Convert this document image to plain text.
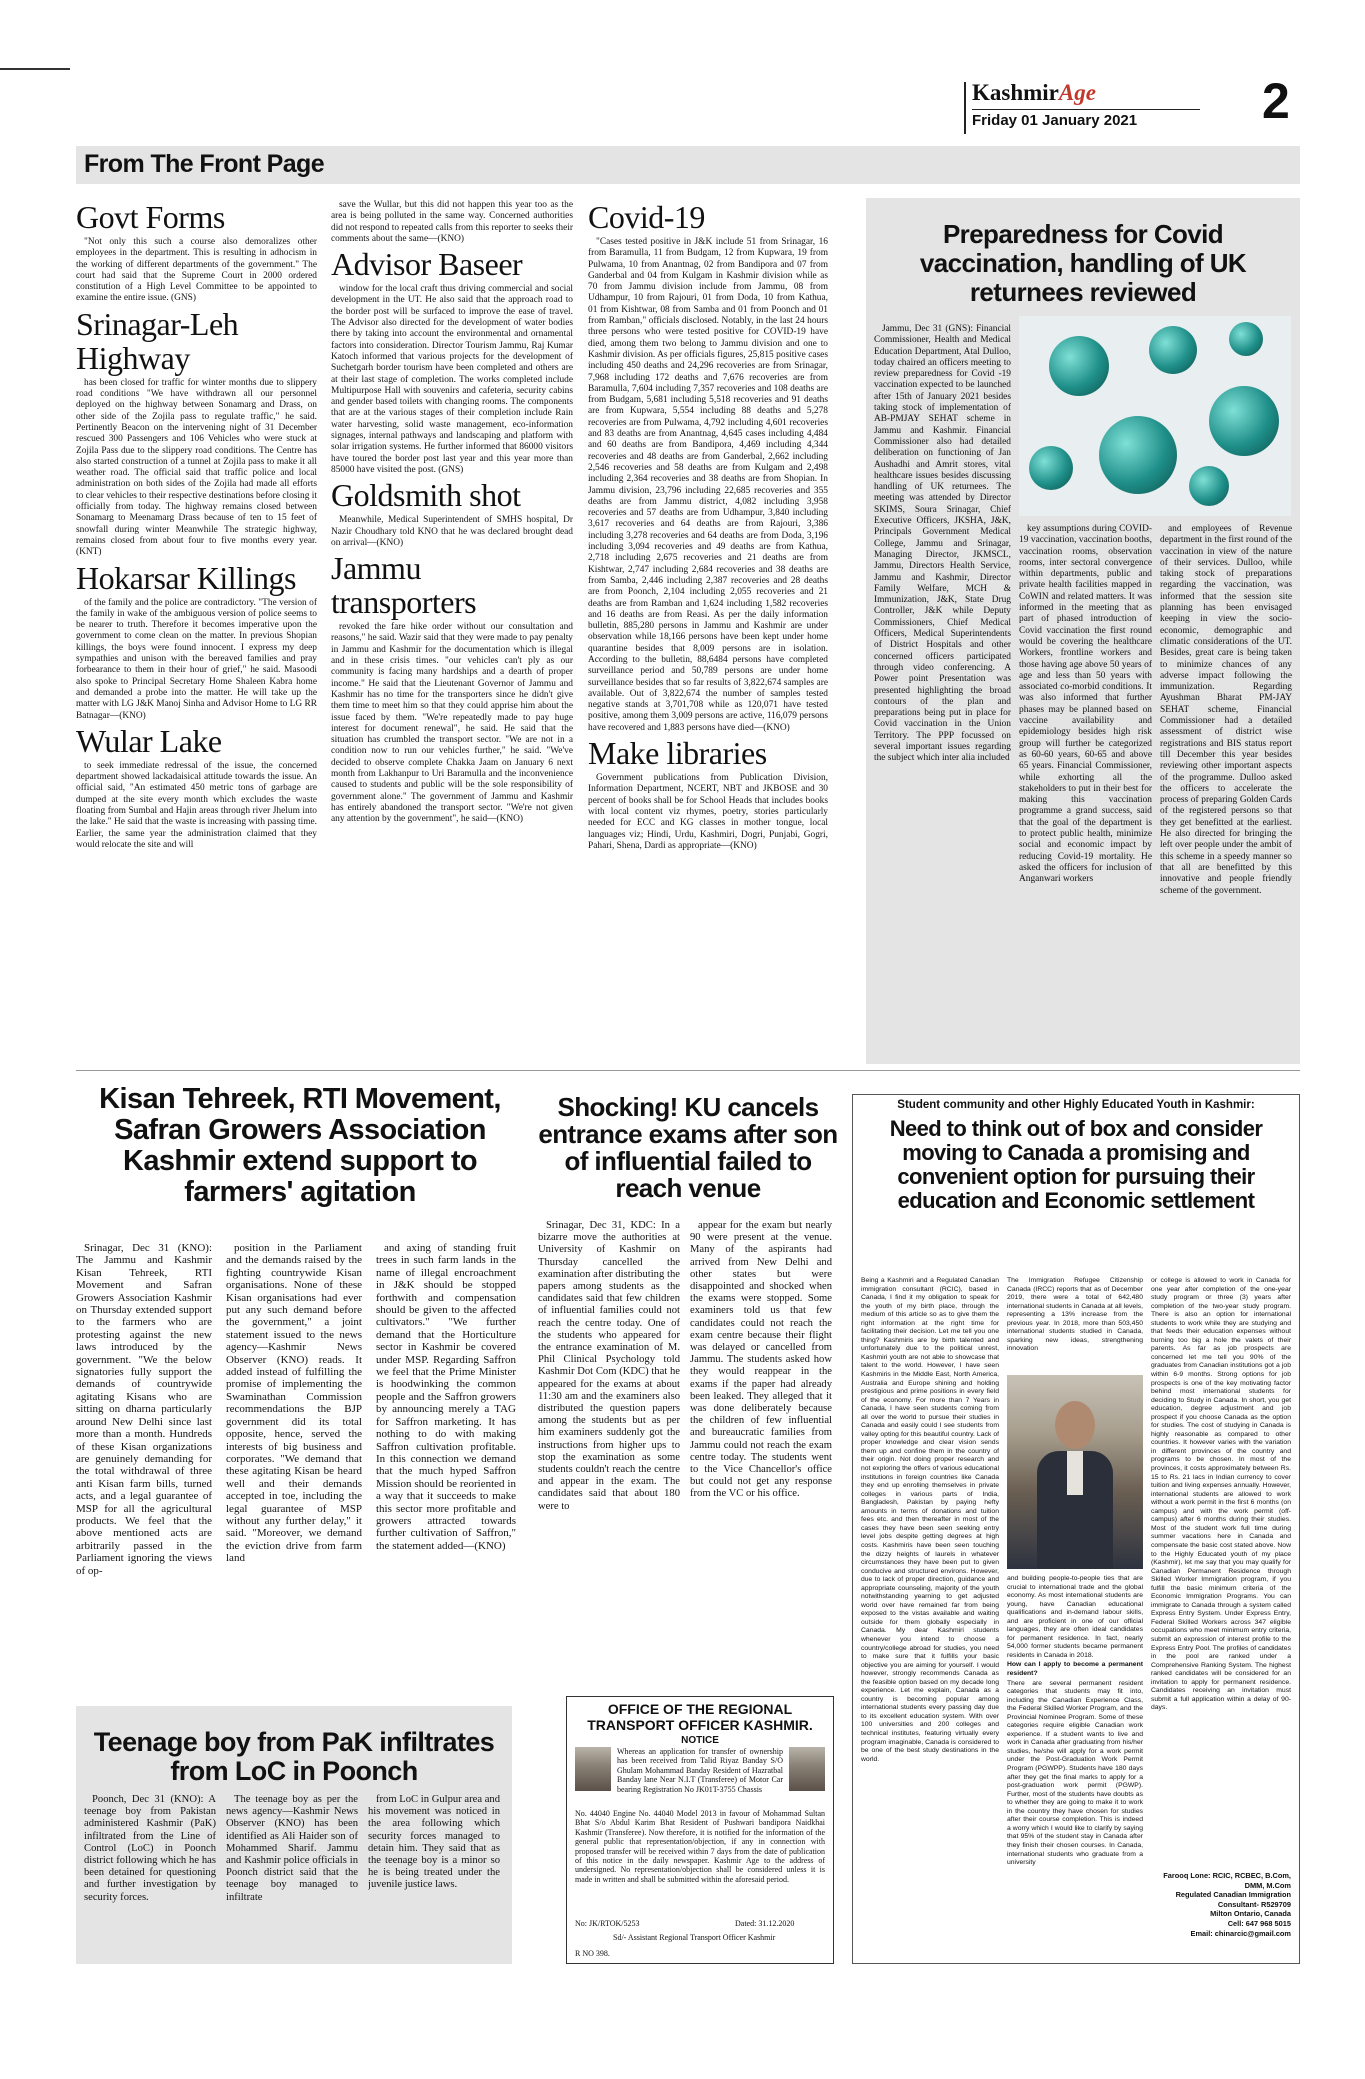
KashmirAge
Friday 01 January 2021 2
From The Front Page
Govt Forms

"Not only this such a course also demoralizes other employees in the department. This is resulting in adhocism in the working of different departments of the government." The court had said that the Supreme Court in 2000 ordered constitution of a High Level Committee to be appointed to examine the entire issue. (GNS)

Srinagar-Leh Highway

has been closed for traffic for winter months due to slippery road conditions "We have withdrawn all our personnel deployed on the highway between Sonamarg and Drass, on other side of the Zojila pass to regulate traffic," he said. Pertinently Beacon on the intervening night of 31 December rescued 300 Passengers and 106 Vehicles who were stuck at Zojila Pass due to the slippery road conditions. The Centre has also started construction of a tunnel at Zojila pass to make it all weather road. The official said that traffic police and local administration on both sides of the Zojila had made all efforts to clear vehicles to their respective destinations before closing it officially from today. The highway remains closed between Sonamarg to Meenamarg Drass because of ten to 15 feet of snowfall during winter Meanwhile The strategic highway, remains closed from about four to five months every year. (KNT)

Hokarsar Killings

of the family and the police are contradictory. "The version of the family in wake of the ambiguous version of police seems to be nearer to truth. Therefore it becomes imperative upon the government to come clean on the matter. In previous Shopian killings, the boys were found innocent. I express my deep sympathies and unison with the bereaved families and pray forbearance to them in their hour of grief," he said. Masoodi also spoke to Principal Secretary Home Shaleen Kabra home and demanded a probe into the matter. He will take up the matter with LG J&K Manoj Sinha and Advisor Home to LG RR Batnagar—(KNO)

Wular Lake

to seek immediate redressal of the issue, the concerned department showed lackadaisical attitude towards the issue. An official said, "An estimated 450 metric tons of garbage are dumped at the site every month which excludes the waste floating from Sumbal and Hajin areas through river Jhelum into the lake." He said that the waste is increasing with passing time. Earlier, the same year the administration claimed that they would relocate the site and will

save the Wullar, but this did not happen this year too as the area is being polluted in the same way. Concerned authorities did not respond to repeated calls from this reporter to seeks their comments about the same—(KNO)

Advisor Baseer

window for the local craft thus driving commercial and social development in the UT. He also said that the approach road to the border post will be surfaced to improve the ease of travel. The Advisor also directed for the development of water bodies there by taking into account the environmental and ornamental factors into consideration. Director Tourism Jammu, Raj Kumar Katoch informed that various projects for the development of Suchetgarh border tourism have been completed and others are at their last stage of completion. The works completed include Multipurpose Hall with souvenirs and cafeteria, security cabins and gender based toilets with changing rooms. The components that are at the various stages of their completion include Rain water harvesting, solid waste management, eco-information signages, internal pathways and landscaping and platform with solar irrigation systems. He further informed that 86000 visitors have toured the border post last year and this year more than 85000 have visited the post. (GNS)

Goldsmith shot

Meanwhile, Medical Superintendent of SMHS hospital, Dr Nazir Choudhary told KNO that he was declared brought dead on arrival—(KNO)

Jammu transporters

revoked the fare hike order without our consultation and reasons," he said. Wazir said that they were made to pay penalty in Jammu and Kashmir for the documentation which is illegal and in these crisis times. "our vehicles can't ply as our community is facing many hardships and a dearth of proper income." He said that the Lieutenant Governor of Jammu and Kashmir has no time for the transporters since he didn't give them time to meet him so that they could apprise him about the issue faced by them. "We're repeatedly made to pay huge interest for document renewal", he said. He said that the situation has crumbled the transport sector. "We are not in a condition now to run our vehicles further," he said. "We've decided to observe complete Chakka Jaam on January 6 next month from Lakhanpur to Uri Baramulla and the inconvenience caused to students and public will be the sole responsibility of government alone." The government of Jammu and Kashmir has entirely abandoned the transport sector. "We're not given any attention by the government", he said—(KNO)

Covid-19

"Cases tested positive in J&K include 51 from Srinagar, 16 from Baramulla, 11 from Budgam, 12 from Kupwara, 19 from Pulwama, 10 from Anantnag, 02 from Bandipora and 07 from Ganderbal and 04 from Kulgam in Kashmir division while as 70 from Jammu division include from Jammu, 08 from Udhampur, 10 from Rajouri, 01 from Doda, 10 from Kathua, 01 from Kishtwar, 08 from Samba and 01 from Poonch and 01 from Ramban," officials disclosed. Notably, in the last 24 hours three persons who were tested positive for COVID-19 have died, among them two belong to Jammu division and one to Kashmir division. As per officials figures, 25,815 positive cases including 450 deaths and 24,296 recoveries are from Srinagar, 7,968 including 172 deaths and 7,676 recoveries are from Baramulla, 7,604 including 7,357 recoveries and 108 deaths are from Budgam, 5,681 including 5,518 recoveries and 91 deaths are from Kupwara, 5,554 including 88 deaths and 5,278 recoveries are from Pulwama, 4,792 including 4,601 recoveries and 83 deaths are from Anantnag, 4,645 cases including 4,484 and 60 deaths are from Bandipora, 4,469 including 4,344 recoveries and 48 deaths are from Ganderbal, 2,662 including 2,546 recoveries and 58 deaths are from Kulgam and 2,498 including 2,364 recoveries and 38 deaths are from Shopian. In Jammu division, 23,796 including 22,685 recoveries and 355 deaths are from Jammu district, 4,082 including 3,958 recoveries and 57 deaths are from Udhampur, 3,840 including 3,617 recoveries and 64 deaths are from Rajouri, 3,386 including 3,278 recoveries and 64 deaths are from Doda, 3,196 including 3,094 recoveries and 49 deaths are from Kathua, 2,718 including 2,675 recoveries and 21 deaths are from Kishtwar, 2,747 including 2,684 recoveries and 38 deaths are from Samba, 2,446 including 2,387 recoveries and 28 deaths are from Poonch, 2,104 including 2,055 recoveries and 21 deaths are from Ramban and 1,624 including 1,582 recoveries and 16 deaths are from Reasi. As per the daily information bulletin, 885,280 persons in Jammu and Kashmir are under observation while 18,166 persons have been kept under home quarantine besides that 8,009 persons are in isolation. According to the bulletin, 88,6484 persons have completed surveillance period and 50,789 persons are under home surveillance besides that so far results of 3,822,674 samples are available. Out of 3,822,674 the number of samples tested negative stands at 3,701,708 while as 120,071 have tested positive, among them 3,009 persons are active, 116,079 persons have recovered and 1,883 persons have died—(KNO)

Make libraries

Government publications from Publication Division, Information Department, NCERT, NBT and JKBOSE and 30 percent of books shall be for School Heads that includes books with local content viz rhymes, poetry, stories particularly needed for ECC and KG classes in mother tongue, local languages viz; Hindi, Urdu, Kashmiri, Dogri, Punjabi, Gogri, Pahari, Shena, Dardi as appropriate—(KNO)

Preparedness for Covid vaccination, handling of UK returnees reviewed

Jammu, Dec 31 (GNS): Financial Commissioner, Health and Medical Education Department, Atal Dulloo, today chaired an officers meeting to review preparedness for Covid -19 vaccination expected to be launched after 15th of January 2021 besides taking stock of implementation of AB-PMJAY SEHAT scheme in Jammu and Kashmir. Financial Commissioner also had detailed deliberation on functioning of Jan Aushadhi and Amrit stores, vital healthcare issues besides discussing handling of UK returnees. The meeting was attended by Director SKIMS, Soura Srinagar, Chief Executive Officers, JKSHA, J&K, Principals Government Medical College, Jammu and Srinagar, Managing Director, JKMSCL, Jammu, Directors Health Service, Jammu and Kashmir, Director Family Welfare, MCH & Immunization, J&K, State Drug Controller, J&K while Deputy Commissioners, Chief Medical Officers, Medical Superintendents of District Hospitals and other concerned officers participated through video conferencing. A Power point Presentation was presented highlighting the broad contours of the plan and preparations being put in place for Covid vaccination in the Union Territory. The PPP focussed on several important issues regarding the subject which inter alia included

key assumptions during COVID-19 vaccination, vaccination booths, vaccination rooms, observation rooms, inter sectoral convergence within departments, public and private health facilities mapped in CoWIN and related matters. It was informed in the meeting that as part of phased introduction of Covid vaccination the first round would be covering the healthcare Workers, frontline workers and those having age above 50 years of age and less than 50 years with associated co-morbid conditions. It was also informed that further phases may be planned based on vaccine availability and epidemiology besides high risk group will further be categorized as 60-60 years, 60-65 and above 65 years. Financial Commissioner, while exhorting all the stakeholders to put in their best for making this vaccination programme a grand success, said that the goal of the department is to protect public health, minimize social and economic impact by reducing Covid-19 mortality. He asked the officers for inclusion of Anganwari workers

and employees of Revenue department in the first round of the vaccination in view of the nature of their services. Dulloo, while taking stock of preparations regarding the vaccination, was informed that the session site planning has been envisaged keeping in view the socio-economic, demographic and climatic considerations of the UT. Besides, great care is being taken to minimize chances of any adverse impact following the immunization. Regarding Ayushman Bharat PM-JAY SEHAT scheme, Financial Commissioner had a detailed assessment of district wise registrations and BIS status report till December this year besides reviewing other important aspects of the programme. Dulloo asked the officers to accelerate the process of preparing Golden Cards of the registered persons so that they get benefitted at the earliest. He also directed for bringing the left over people under the ambit of this scheme in a speedy manner so that all are benefitted by this innovative and people friendly scheme of the government.

Kisan Tehreek, RTI Movement, Safran Growers Association Kashmir extend support to farmers' agitation

Srinagar, Dec 31 (KNO): The Jammu and Kashmir Kisan Tehreek, RTI Movement and Safran Growers Association Kashmir on Thursday extended support to the farmers who are protesting against the new laws introduced by the government. "We the below signatories fully support the demands of countrywide agitating Kisans who are sitting on dharna particularly around New Delhi since last more than a month. Hundreds of these Kisan organizations are genuinely demanding for the total withdrawal of three anti Kisan farm bills, turned acts, and a legal guarantee of MSP for all the agricultural products. We feel that the above mentioned acts are arbitrarily passed in the Parliament ignoring the views of op-

position in the Parliament and the demands raised by the fighting countrywide Kisan organisations. None of these Kisan organisations had ever put any such demand before the government," a joint statement issued to the news agency—Kashmir News Observer (KNO) reads. It added instead of fulfilling the promise of implementing the Swaminathan Commission recommendations the BJP government did its total opposite, hence, served the interests of big business and corporates. "We demand that these agitating Kisan be heard well and their demands accepted in toe, including the legal guarantee of MSP without any further delay," it said. "Moreover, we demand the eviction drive from farm land

and axing of standing fruit trees in such farm lands in the name of illegal encroachment in J&K should be stopped forthwith and compensation should be given to the affected cultivators." "We further demand that the Horticulture sector in Kashmir be covered under MSP. Regarding Saffron we feel that the Prime Minister is hoodwinking the common people and the Saffron growers by announcing merely a TAG for Saffron marketing. It has nothing to do with making Saffron cultivation profitable. In this connection we demand that the much hyped Saffron Mission should be reoriented in a way that it succeeds to make this sector more profitable and growers attracted towards further cultivation of Saffron," the statement added—(KNO)

Shocking! KU cancels entrance exams after son of influential failed to reach venue

Srinagar, Dec 31, KDC: In a bizarre move the authorities at University of Kashmir on Thursday cancelled the examination after distributing the papers among students as the candidates said that few children of influential families could not reach the centre today. One of the students who appeared for the entrance examination of M. Phil Clinical Psychology told Kashmir Dot Com (KDC) that he appeared for the exams at about 11:30 am and the examiners also distributed the question papers among the students but as per him examiners suddenly got the instructions from higher ups to stop the examination as some students couldn't reach the centre and appear in the exam. The candidates said that about 180 were to

appear for the exam but nearly 90 were present at the venue. Many of the aspirants had arrived from New Delhi and other states but were disappointed and shocked when the exams were stopped. Some examiners told us that few candidates could not reach the exam centre because their flight was delayed or cancelled from Jammu. The students asked how they would reappear in the exams if the paper had already been leaked. They alleged that it was done deliberately because the children of few influential and bureaucratic families from Jammu could not reach the exam centre today. The students went to the Vice Chancellor's office but could not get any response from the VC or his office.

OFFICE OF THE REGIONAL TRANSPORT OFFICER KASHMIR.
NOTICE

Whereas an application for transfer of ownership has been received from Talid Riyaz Banday S/O Ghulam Mohammad Banday Resident of Hazratbal Banday lane Near N.I.T (Transferee) of Motor Car bearing Registration No JK01T-3755 Chassis

No. 44040 Engine No. 44040 Model 2013 in favour of Mohammad Sultan Bhat S/o Abdul Karim Bhat Resident of Pushwari bandipora Naidkhai Kashmir (Transferee). Now therefore, it is notified for the information of the general public that representation/objection, if any in connection with proposed transfer will be received within 7 days from the date of publication of this notice in the daily newspaper. Kashmir Age to the address of undersigned. No representation/objection shall be considered unless it is made in written and shall be submitted within the aforesaid period.

No: JK/RTOK/5253	Dated: 31.12.2020
Sd/- Assistant Regional Transport Officer Kashmir
R NO 398.
Teenage boy from PaK infiltrates from LoC in Poonch

Poonch, Dec 31 (KNO): A teenage boy from Pakistan administered Kashmir (PaK) infiltrated from the Line of Control (LoC) in Poonch district following which he has been detained for questioning and further investigation by security forces.

The teenage boy as per the news agency—Kashmir News Observer (KNO) has been identified as Ali Haider son of Mohammed Sharif. Jammu and Kashmir police officials in Poonch district said that the teenage boy managed to infiltrate

from LoC in Gulpur area and his movement was noticed in the area following which security forces managed to detain him. They said that as the teenage boy is a minor so he is being treated under the juvenile justice laws.

Student community and other Highly Educated Youth in Kashmir:
Need to think out of box and consider moving to Canada a promising and convenient option for pursuing their education and Economic settlement

Being a Kashmiri and a Regulated Canadian immigration consultant (RCIC), based in Canada, I find it my obligation to speak for the youth of my birth place, through the medium of this article so as to give them the right information at the right time for facilitating their decision. Let me tell you one thing? Kashmiris are by birth talented and unfortunately due to the political unrest, Kashmiri youth are not able to showcase that talent to the world. However, I have seen Kashmiris in the Middle East, North America, Australia and Europe shining and holding prestigious and prime positions in every field of the economy. For more than 7 Years in Canada, I have seen students coming from all over the world to pursue their studies in Canada and easily could I see students from valley opting for this beautiful country. Lack of proper knowledge and clear vision sends them up and confine them in the country of their origin. Not doing proper research and not exploring the offers of various educational institutions in foreign countries like Canada they end up enrolling themselves in private colleges in various parts of India, Bangladesh, Pakistan by paying hefty amounts in terms of donations and tuition fees etc. and then thereafter in most of the cases they have been seen seeking entry level jobs despite getting degrees at high costs. Kashmiris have been seen touching the dizzy heights of laurels in whatever circumstances they have been put to given conducive and structured environs. However, due to lack of proper direction, guidance and appropriate counseling, majority of the youth notwithstanding yearning to get adjusted world over have remained far from being exposed to the vistas available and waiting outside for them globally especially in Canada. My dear Kashmiri students whenever you intend to choose a country/college abroad for studies, you need to make sure that it fulfills your basic objective you are aiming for yourself. I would however, strongly recommends Canada as the feasible option based on my decade long experience. Let me explain, Canada as a country is becoming popular among international students every passing day due to its excellent education system. With over 100 universities and 200 colleges and technical institutes, featuring virtually every program imaginable, Canada is considered to be one of the best study destinations in the world.

The Immigration Refugee Citizenship Canada (IRCC) reports that as of December 2019, there were a total of 642,480 international students in Canada at all levels, representing a 13% increase from the previous year. In 2018, more than 503,450 international students studied in Canada, sparking new ideas, strengthening innovation

and building people-to-people ties that are crucial to international trade and the global economy. As most international students are young, have Canadian educational qualifications and in-demand labour skills, and are proficient in one of our official languages, they are often ideal candidates for permanent residence. In fact, nearly 54,000 former students became permanent residents in Canada in 2018.

How can I apply to become a permanent resident?

There are several permanent resident categories that students may fit into, including the Canadian Experience Class, the Federal Skilled Worker Program, and the Provincial Nominee Program. Some of these categories require eligible Canadian work experience. If a student wants to live and work in Canada after graduating from his/her studies, he/she will apply for a work permit under the Post-Graduation Work Permit Program (PGWPP). Students have 180 days after they get the final marks to apply for a post-graduation work permit (PGWP). Further, most of the students have doubts as to whether they are going to make it to work in the country they have chosen for studies after their course completion. This is indeed a worry which I would like to clarify by saying that 95% of the student stay in Canada after they finish their chosen courses. In Canada, international students who graduate from a university

or college is allowed to work in Canada for one year after completion of the one-year study program or three (3) years after completion of the two-year study program. There is also an option for international students to work while they are studying and that feeds their education expenses without burning too big a hole the valets of their parents. As far as job prospects are concerned let me tell you 90% of the graduates from Canadian institutions got a job within 6-9 months. Strong options for job prospects is one of the key motivating factor behind most international students for deciding to Study in Canada. In short, you get education, degree adjustment and job prospect if you choose Canada as the option for studies. The cost of studying in Canada is highly reasonable as compared to other countries. It however varies with the variation in different provinces of the country and programs to be chosen. In most of the provinces, it costs approximately between Rs. 15 to Rs. 21 lacs in Indian currency to cover tuition and living expenses annually. However, international students are allowed to work without a work permit in the first 6 months (on campus) and with the work permit (off-campus) after 6 months during their studies. Most of the student work full time during summer vacations here in Canada and compensate the basic cost stated above. Now to the Highly Educated youth of my place (Kashmir), let me say that you may qualify for Canadian Permanent Residence through Skilled Worker Immigration program, if you fulfill the basic minimum criteria of the Economic Immigration Programs. You can immigrate to Canada through a system called Express Entry System. Under Express Entry, Federal Skilled Workers across 347 eligible occupations who meet minimum entry criteria, submit an expression of interest profile to the Express Entry Pool. The profiles of candidates in the pool are ranked under a Comprehensive Ranking System. The highest ranked candidates will be considered for an invitation to apply for permanent residence. Candidates receiving an invitation must submit a full application within a delay of 90-days.

Farooq Lone: RCIC, RCBEC, B.Com,
DMM, M.Com
Regulated Canadian Immigration
Consultant- R529709
Milton Ontario, Canada
Cell: 647 968 5015
Email: chinarcic@gmail.com
